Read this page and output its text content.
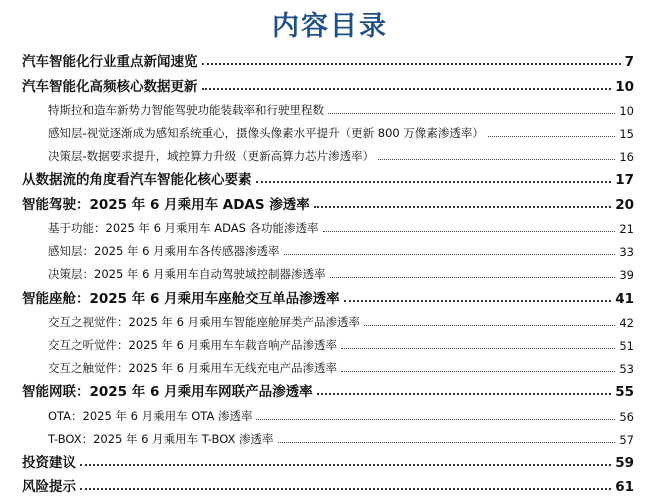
内容目录
汽车智能化行业重点新闻速览	7
汽车智能化高频核心数据更新	10
特斯拉和造车新势力智能驾驶功能装载率和行驶里程数	10
感知层-视觉逐渐成为感知系统重心，摄像头像素水平提升（更新 800 万像素渗透率）	15
决策层-数据要求提升，域控算力升级（更新高算力芯片渗透率）	16
从数据流的角度看汽车智能化核心要素	17
智能驾驶：2025 年 6 月乘用车 ADAS 渗透率	20
基于功能：2025 年 6 月乘用车 ADAS 各功能渗透率	21
感知层：2025 年 6 月乘用车各传感器渗透率	33
决策层：2025 年 6 月乘用车自动驾驶域控制器渗透率	39
智能座舱：2025 年 6 月乘用车座舱交互单品渗透率	41
交互之视觉件：2025 年 6 月乘用车智能座舱屏类产品渗透率	42
交互之听觉件：2025 年 6 月乘用车车载音响产品渗透率	51
交互之触觉件：2025 年 6 月乘用车无线充电产品渗透率	53
智能网联：2025 年 6 月乘用车网联产品渗透率	55
OTA：2025 年 6 月乘用车 OTA 渗透率	56
T-BOX：2025 年 6 月乘用车 T-BOX 渗透率	57
投资建议	59
风险提示	61
